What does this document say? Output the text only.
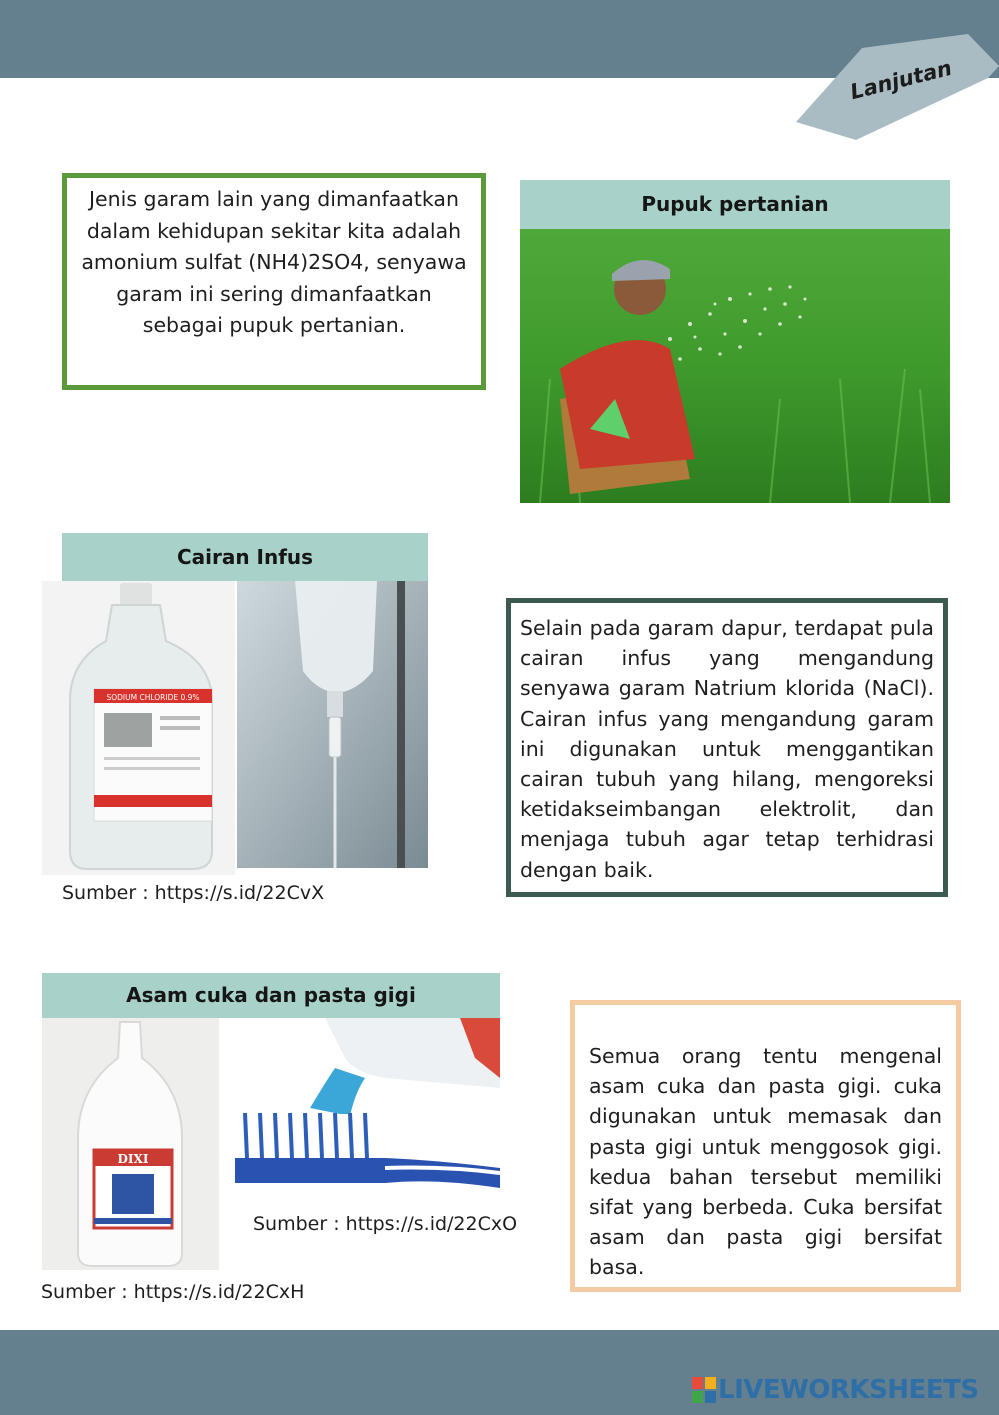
Lanjutan
Jenis garam lain yang dimanfaatkan dalam kehidupan sekitar kita adalah amonium sulfat (NH4)2SO4, senyawa garam ini sering dimanfaatkan sebagai pupuk pertanian.
Pupuk pertanian
Cairan Infus
SODIUM CHLORIDE 0.9%
Sumber : https://s.id/22CvX
Selain pada garam dapur, terdapat pula cairan infus yang mengandung senyawa garam Natrium klorida (NaCl). Cairan infus yang mengandung garam ini digunakan untuk menggantikan cairan tubuh yang hilang, mengoreksi ketidakseimbangan elektrolit, dan menjaga tubuh agar tetap terhidrasi dengan baik.
Asam cuka dan pasta gigi
DIXI
Sumber : https://s.id/22CxO
Sumber : https://s.id/22CxH
Semua orang tentu mengenal asam cuka dan pasta gigi. cuka digunakan untuk memasak dan pasta gigi untuk menggosok gigi. kedua bahan tersebut memiliki sifat yang berbeda. Cuka bersifat asam dan pasta gigi bersifat basa.
LIVEWORKSHEETS
